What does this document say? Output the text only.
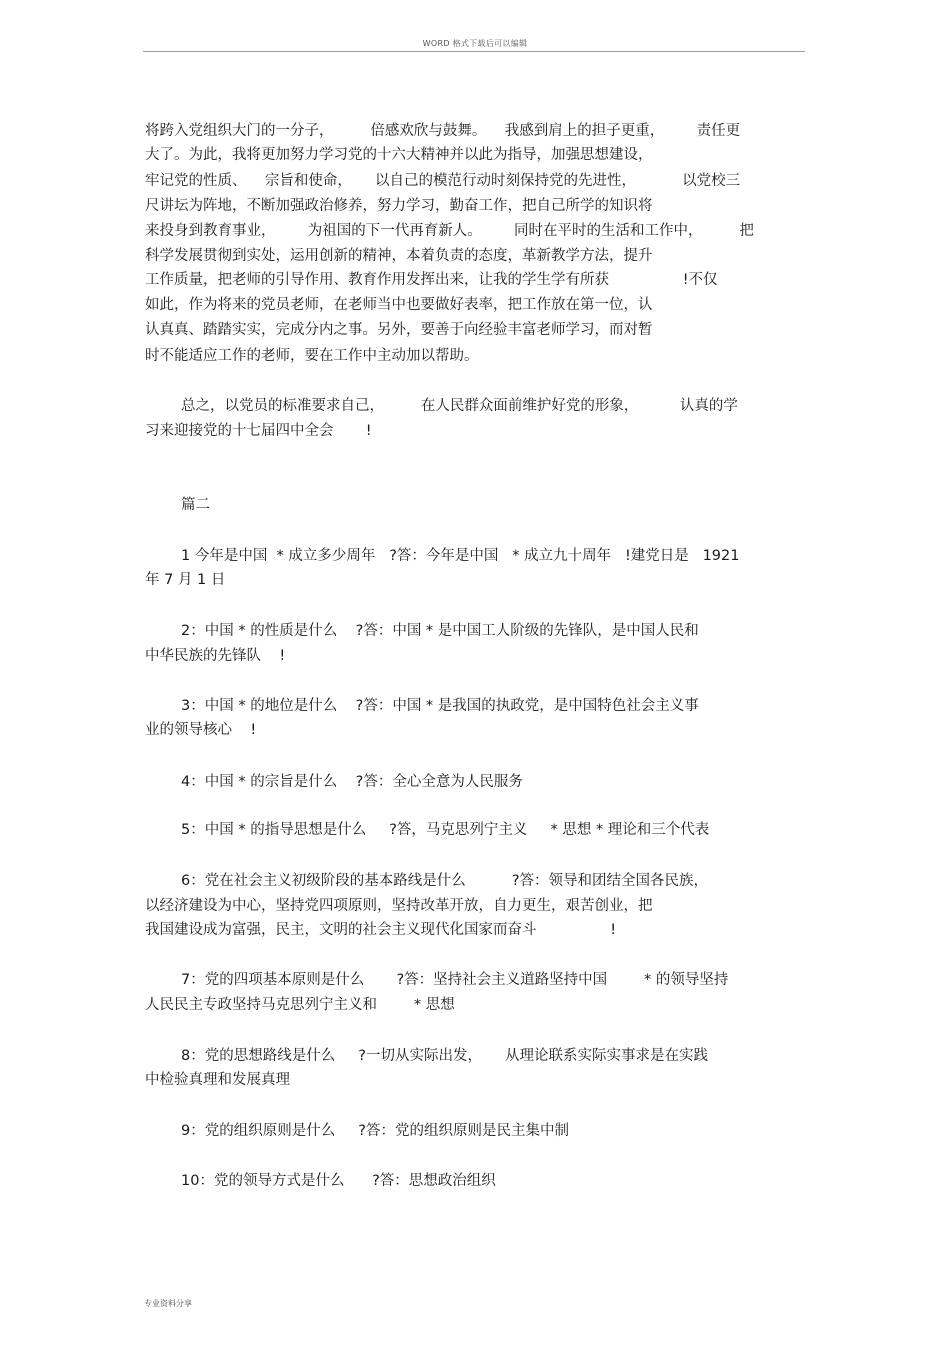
WORD 格式下载后可以编辑
将跨入党组织大门的一分子，        倍感欢欣与鼓舞。    我感到肩上的担子更重，       责任更
大了。为此，我将更加努力学习党的十六大精神并以此为指导，加强思想建设，
牢记党的性质、    宗旨和使命，     以自己的模范行动时刻保持党的先进性，          以党校三
尺讲坛为阵地，不断加强政治修养，努力学习，勤奋工作，把自己所学的知识将
来投身到教育事业，       为祖国的下一代再育新人。       同时在平时的生活和工作中，        把
科学发展贯彻到实处，运用创新的精神，本着负责的态度，革新教学方法，提升
工作质量，把老师的引导作用、教育作用发挥出来，让我的学生学有所获                !不仅
如此，作为将来的党员老师，在老师当中也要做好表率，把工作放在第一位，认
认真真、踏踏实实，完成分内之事。另外，要善于向经验丰富老师学习，而对暂
时不能适应工作的老师，要在工作中主动加以帮助。
总之，以党员的标准要求自己，        在人民群众面前维护好党的形象，         认真的学
习来迎接党的十七届四中全会       !
篇二
1 今年是中国  * 成立多少周年   ?答：今年是中国   * 成立九十周年   !建党日是   1921
年 7 月 1 日
2：中国 * 的性质是什么    ?答：中国 * 是中国工人阶级的先锋队，是中国人民和
中华民族的先锋队    !
3：中国 * 的地位是什么    ?答：中国 * 是我国的执政党，是中国特色社会主义事
业的领导核心    !
4：中国 * 的宗旨是什么    ?答：全心全意为人民服务
5：中国 * 的指导思想是什么     ?答，马克思列宁主义     * 思想 * 理论和三个代表
6：党在社会主义初级阶段的基本路线是什么          ?答：领导和团结全国各民族，
以经济建设为中心，坚持党四项原则，坚持改革开放，自力更生，艰苦创业，把
我国建设成为富强，民主，文明的社会主义现代化国家而奋斗                !
7：党的四项基本原则是什么       ?答：坚持社会主义道路坚持中国        * 的领导坚持
人民民主专政坚持马克思列宁主义和        * 思想
8：党的思想路线是什么     ?一切从实际出发，     从理论联系实际实事求是在实践
中检验真理和发展真理
9：党的组织原则是什么     ?答：党的组织原则是民主集中制
10：党的领导方式是什么      ?答：思想政治组织
专业资料分享
